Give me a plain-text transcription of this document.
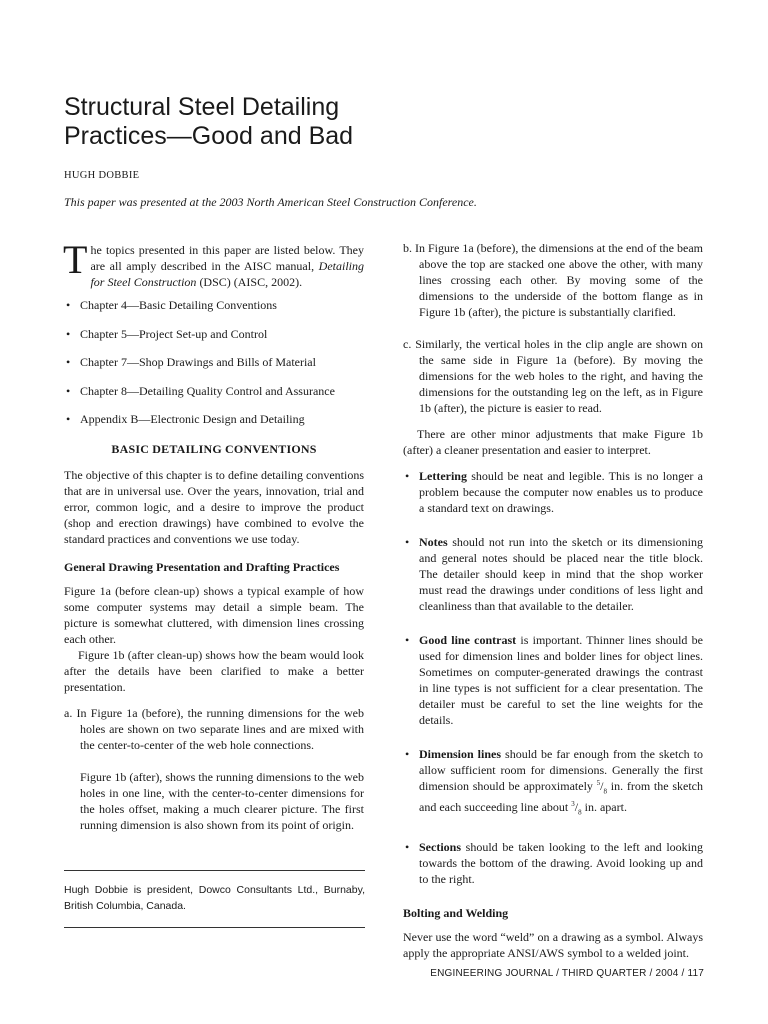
Structural Steel Detailing
Practices—Good and Bad
HUGH DOBBIE
This paper was presented at the 2003 North American Steel Construction Conference.

The topics presented in this paper are listed below. They are all amply described in the AISC manual, Detailing for Steel Construction (DSC) (AISC, 2002).

• Chapter 4—Basic Detailing Conventions
• Chapter 5—Project Set-up and Control
• Chapter 7—Shop Drawings and Bills of Material
• Chapter 8—Detailing Quality Control and Assurance
• Appendix B—Electronic Design and Detailing
BASIC DETAILING CONVENTIONS

The objective of this chapter is to define detailing conventions that are in universal use. Over the years, innovation, trial and error, common logic, and a desire to improve the product (shop and erection drawings) have combined to evolve the standard practices and conventions we use today.

General Drawing Presentation and Drafting Practices

Figure 1a (before clean-up) shows a typical example of how some computer systems may detail a simple beam. The picture is somewhat cluttered, with dimension lines crossing each other.

Figure 1b (after clean-up) shows how the beam would look after the details have been clarified to make a better presentation.

a. In Figure 1a (before), the running dimensions for the web holes are shown on two separate lines and are mixed with the center-to-center of the web hole connections.

Figure 1b (after), shows the running dimensions to the web holes in one line, with the center-to-center dimensions for the holes offset, making a much clearer picture. The first running dimension is also shown from its point of origin.

Hugh Dobbie is president, Dowco Consultants Ltd., Burnaby, British Columbia, Canada.

b. In Figure 1a (before), the dimensions at the end of the beam above the top are stacked one above the other, with many lines crossing each other. By moving some of the dimensions to the underside of the bottom flange as in Figure 1b (after), the picture is substantially clarified.

c. Similarly, the vertical holes in the clip angle are shown on the same side in Figure 1a (before). By moving the dimensions for the web holes to the right, and having the dimensions for the outstanding leg on the left, as in Figure 1b (after), the picture is easier to read.

There are other minor adjustments that make Figure 1b (after) a cleaner presentation and easier to interpret.

• Lettering should be neat and legible. This is no longer a problem because the computer now enables us to produce a standard text on drawings.
• Notes should not run into the sketch or its dimensioning and general notes should be placed near the title block. The detailer should keep in mind that the shop worker must read the drawings under conditions of less light and cleanliness than that available to the detailer.
• Good line contrast is important. Thinner lines should be used for dimension lines and bolder lines for object lines. Sometimes on computer-generated drawings the contrast in line types is not sufficient for a clear presentation. The detailer must be careful to set the line weights for the details.
• Dimension lines should be far enough from the sketch to allow sufficient room for dimensions. Generally the first dimension should be approximately $^5/_8$ in. from the sketch and each succeeding line about $^3/_8$ in. apart.
• Sections should be taken looking to the left and looking towards the bottom of the drawing. Avoid looking up and to the right.
Bolting and Welding

Never use the word “weld” on a drawing as a symbol. Always apply the appropriate ANSI/AWS symbol to a welded joint.

ENGINEERING JOURNAL / THIRD QUARTER / 2004 / 117
